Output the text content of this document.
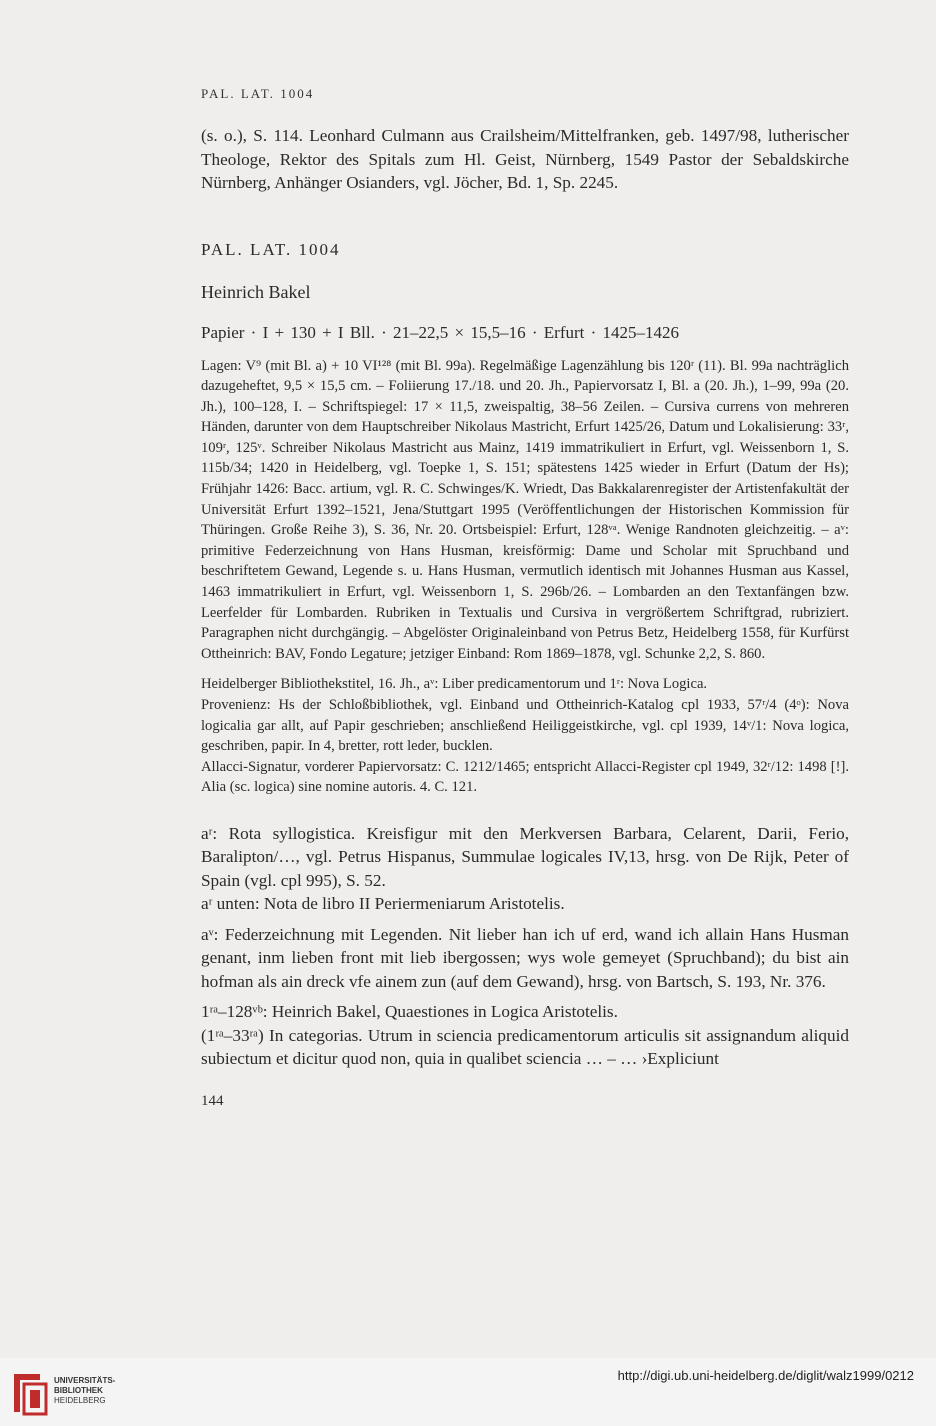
PAL. LAT. 1004

(s. o.), S. 114. Leonhard Culmann aus Crailsheim/Mittelfranken, geb. 1497/98, lutherischer Theologe, Rektor des Spitals zum Hl. Geist, Nürnberg, 1549 Pastor der Sebaldskirche Nürnberg, Anhänger Osianders, vgl. Jöcher, Bd. 1, Sp. 2245.

PAL. LAT. 1004
Heinrich Bakel
Papier · I + 130 + I Bll. · 21–22,5 × 15,5–16 · Erfurt · 1425–1426

Lagen: V⁹ (mit Bl. a) + 10 VI¹²⁸ (mit Bl. 99a). Regelmäßige Lagenzählung bis 120ʳ (11). Bl. 99a nachträglich dazugeheftet, 9,5 × 15,5 cm. – Foliierung 17./18. und 20. Jh., Papiervorsatz I, Bl. a (20. Jh.), 1–99, 99a (20. Jh.), 100–128, I. – Schriftspiegel: 17 × 11,5, zweispaltig, 38–56 Zeilen. – Cursiva currens von mehreren Händen, darunter von dem Hauptschreiber Nikolaus Mastricht, Erfurt 1425/26, Datum und Lokalisierung: 33ʳ, 109ʳ, 125ᵛ. Schreiber Nikolaus Mastricht aus Mainz, 1419 immatrikuliert in Erfurt, vgl. Weissenborn 1, S. 115b/34; 1420 in Heidelberg, vgl. Toepke 1, S. 151; spätestens 1425 wieder in Erfurt (Datum der Hs); Frühjahr 1426: Bacc. artium, vgl. R. C. Schwinges/K. Wriedt, Das Bakkalarenregister der Artistenfakultät der Universität Erfurt 1392–1521, Jena/Stuttgart 1995 (Veröffentlichungen der Historischen Kommission für Thüringen. Große Reihe 3), S. 36, Nr. 20. Ortsbeispiel: Erfurt, 128ᵛᵃ. Wenige Randnoten gleichzeitig. – aᵛ: primitive Federzeichnung von Hans Husman, kreisförmig: Dame und Scholar mit Spruchband und beschriftetem Gewand, Legende s. u. Hans Husman, vermutlich identisch mit Johannes Husman aus Kassel, 1463 immatrikuliert in Erfurt, vgl. Weissenborn 1, S. 296b/26. – Lombarden an den Textanfängen bzw. Leerfelder für Lombarden. Rubriken in Textualis und Cursiva in vergrößertem Schriftgrad, rubriziert. Paragraphen nicht durchgängig. – Abgelöster Originaleinband von Petrus Betz, Heidelberg 1558, für Kurfürst Ottheinrich: BAV, Fondo Legature; jetziger Einband: Rom 1869–1878, vgl. Schunke 2,2, S. 860.

Heidelberger Bibliothekstitel, 16. Jh., aᵛ: Liber predicamentorum und 1ʳ: Nova Logica.

Provenienz: Hs der Schloßbibliothek, vgl. Einband und Ottheinrich-Katalog cpl 1933, 57ʳ/4 (4ᵒ): Nova logicalia gar allt, auf Papir geschrieben; anschließend Heiliggeistkirche, vgl. cpl 1939, 14ᵛ/1: Nova logica, geschriben, papir. In 4, bretter, rott leder, bucklen.

Allacci-Signatur, vorderer Papiervorsatz: C. 1212/1465; entspricht Allacci-Register cpl 1949, 32ʳ/12: 1498 [!]. Alia (sc. logica) sine nomine autoris. 4. C. 121.

aʳ: Rota syllogistica. Kreisfigur mit den Merkversen Barbara, Celarent, Darii, Ferio, Baralipton/…, vgl. Petrus Hispanus, Summulae logicales IV,13, hrsg. von De Rijk, Peter of Spain (vgl. cpl 995), S. 52.

aʳ unten: Nota de libro II Periermeniarum Aristotelis.

aᵛ: Federzeichnung mit Legenden. Nit lieber han ich uf erd, wand ich allain Hans Husman genant, inm lieben front mit lieb ibergossen; wys wole gemeyet (Spruchband); du bist ain hofman als ain dreck vfe ainem zun (auf dem Gewand), hrsg. von Bartsch, S. 193, Nr. 376.

1ʳᵃ–128ᵛᵇ: Heinrich Bakel, Quaestiones in Logica Aristotelis.

(1ʳᵃ–33ʳᵃ) In categorias. Utrum in sciencia predicamentorum articulis sit assignandum aliquid subiectum et dicitur quod non, quia in qualibet sciencia … – … ›Expliciunt

144
UNIVERSITÄTS-
BIBLIOTHEK
HEIDELBERG
http://digi.ub.uni-heidelberg.de/diglit/walz1999/0212
